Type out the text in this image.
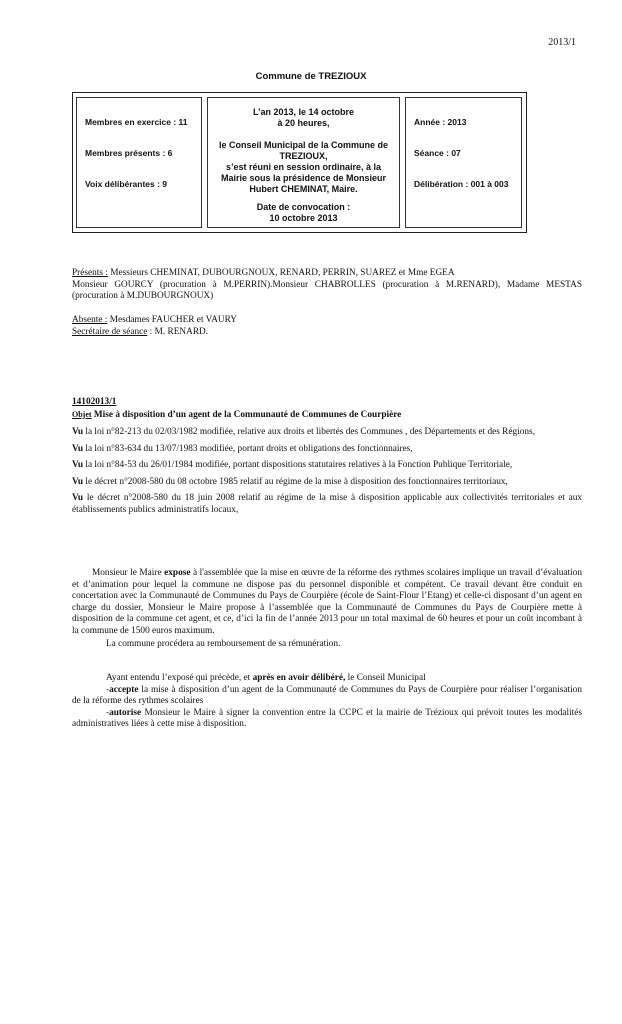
2013/1
Commune de TREZIOUX
Membres en exercice : 11
Membres présents : 6
Voix délibérantes : 9
L’an 2013, le 14 octobre
à 20 heures,
le Conseil Municipal de la Commune de TREZIOUX,
s’est réuni en session ordinaire, à la Mairie sous la présidence de Monsieur Hubert CHEMINAT, Maire.
Date de convocation :
10 octobre 2013
Année : 2013
Séance : 07
Délibération : 001 à 003

Présents : Messieurs CHEMINAT, DUBOURGNOUX, RENARD, PERRIN, SUAREZ et Mme EGEA

Monsieur GOURCY (procuration à M.PERRIN).Monsieur CHABROLLES (procuration à M.RENARD), Madame MESTAS (procuration à M.DUBOURGNOUX)

Absente : Mesdames FAUCHER et VAURY

Secrétaire de séance : M. RENARD.

14102013/1

Objet Mise à disposition d’un agent de la Communauté de Communes de Courpière

Vu la loi n°82-213 du 02/03/1982 modifiée, relative aux droits et libertés des Communes , des Départements et des Régions,

Vu la loi n°83-634 du 13/07/1983 modifiée, portant droits et obligations des fonctionnaires,

Vu la loi n°84-53 du 26/01/1984 modifiée, portant dispositions statutaires relatives à la Fonction Publique Territoriale,

Vu le décret n°2008-580 du 08 octobre 1985 relatif au régime de la mise à disposition des fonctionnaires territoriaux,

Vu le décret n°2008-580 du 18 juin 2008 relatif au régime de la mise à disposition applicable aux collectivités territoriales et aux établissements publics administratifs locaux,

Monsieur le Maire expose à l'assemblée que la mise en œuvre de la réforme des rythmes scolaires implique un travail d’évaluation et d’animation pour lequel la commune ne dispose pas du personnel disponible et compétent. Ce travail devant être conduit en concertation avec la Communauté de Communes du Pays de Courpière (école de Saint-Flour l’Etang) et celle-ci disposant d’un agent en charge du dossier, Monsieur le Maire propose à l’assemblée que la Communauté de Communes du Pays de Courpière mette à disposition de la commune cet agent, et ce, d’ici la fin de l’année 2013 pour un total maximal de 60 heures et pour un coût incombant à la commune de 1500 euros maximum.

La commune procédera au remboursement de sa rémunération.

Ayant entendu l’exposé qui précède, et après en avoir délibéré, le Conseil Municipal

-accepte la mise à disposition d’un agent de la Communauté de Communes du Pays de Courpière pour réaliser l’organisation de la réforme des rythmes scolaires

-autorise Monsieur le Maire à signer la convention entre la CCPC et la mairie de Trézioux qui prévoit toutes les modalités administratives liées à cette mise à disposition.
